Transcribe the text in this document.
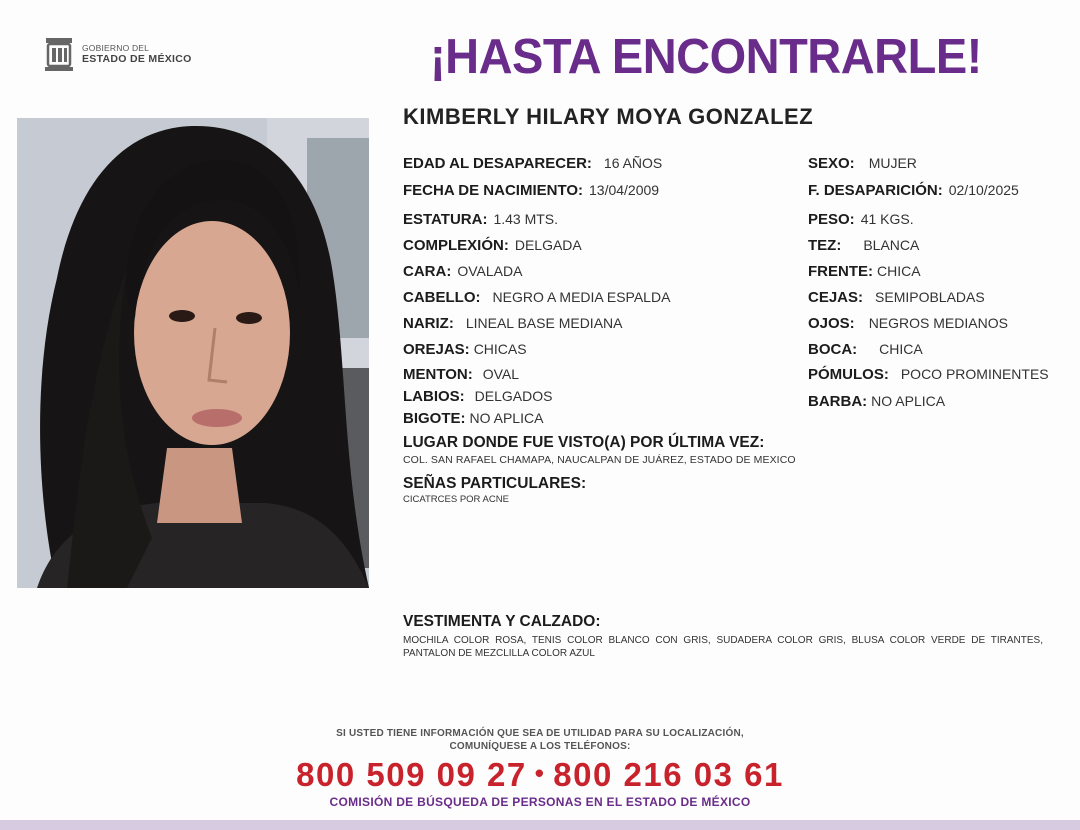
GOBIERNO DEL
ESTADO DE MÉXICO	¡HASTA ENCONTRARLE!
KIMBERLY HILARY MOYA GONZALEZ
EDAD AL DESAPARECER: 16 AÑOS
FECHA DE NACIMIENTO: 13/04/2009
ESTATURA: 1.43 MTS.
COMPLEXIÓN: DELGADA
CARA: OVALADA
CABELLO: NEGRO A MEDIA ESPALDA
NARIZ: LINEAL BASE MEDIANA
OREJAS: CHICAS
MENTON: OVAL
LABIOS: DELGADOS
BIGOTE: NO APLICA
SEXO: MUJER
F. DESAPARICIÓN: 02/10/2025
PESO: 41 KGS.
TEZ: BLANCA
FRENTE: CHICA
CEJAS: SEMIPOBLADAS
OJOS: NEGROS MEDIANOS
BOCA: CHICA
PÓMULOS: POCO PROMINENTES
BARBA: NO APLICA
LUGAR DONDE FUE VISTO(A) POR ÚLTIMA VEZ:
COL. SAN RAFAEL CHAMAPA, NAUCALPAN DE JUÁREZ, ESTADO DE MEXICO
SEÑAS PARTICULARES:
CICATRCES POR ACNE
VESTIMENTA Y CALZADO:
MOCHILA COLOR ROSA, TENIS COLOR BLANCO CON GRIS, SUDADERA COLOR GRIS, BLUSA COLOR VERDE DE TIRANTES, PANTALON DE MEZCLILLA COLOR AZUL
SI USTED TIENE INFORMACIÓN QUE SEA DE UTILIDAD PARA SU LOCALIZACIÓN,
COMUNÍQUESE A LOS TELÉFONOS:
800 509 09 27 • 800 216 03 61
COMISIÓN DE BÚSQUEDA DE PERSONAS EN EL ESTADO DE MÉXICO
